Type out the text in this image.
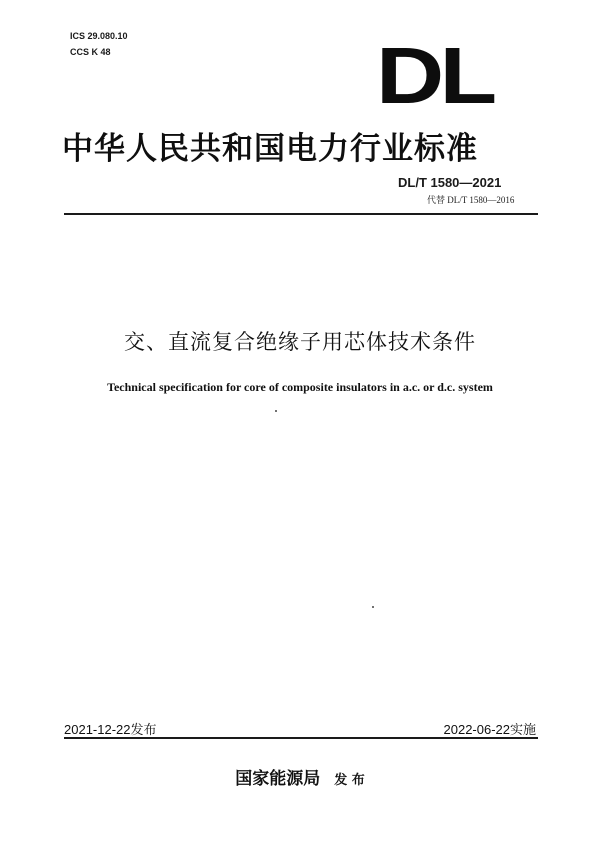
ICS 29.080.10
CCS K 48	DL
中华人民共和国电力行业标准
DL/T 1580—2021
代替 DL/T 1580—2016
交、直流复合绝缘子用芯体技术条件
Technical specification for core of composite insulators in a.c. or d.c. system
2021-12-22发布	2022-06-22实施
国家能源局 发 布
